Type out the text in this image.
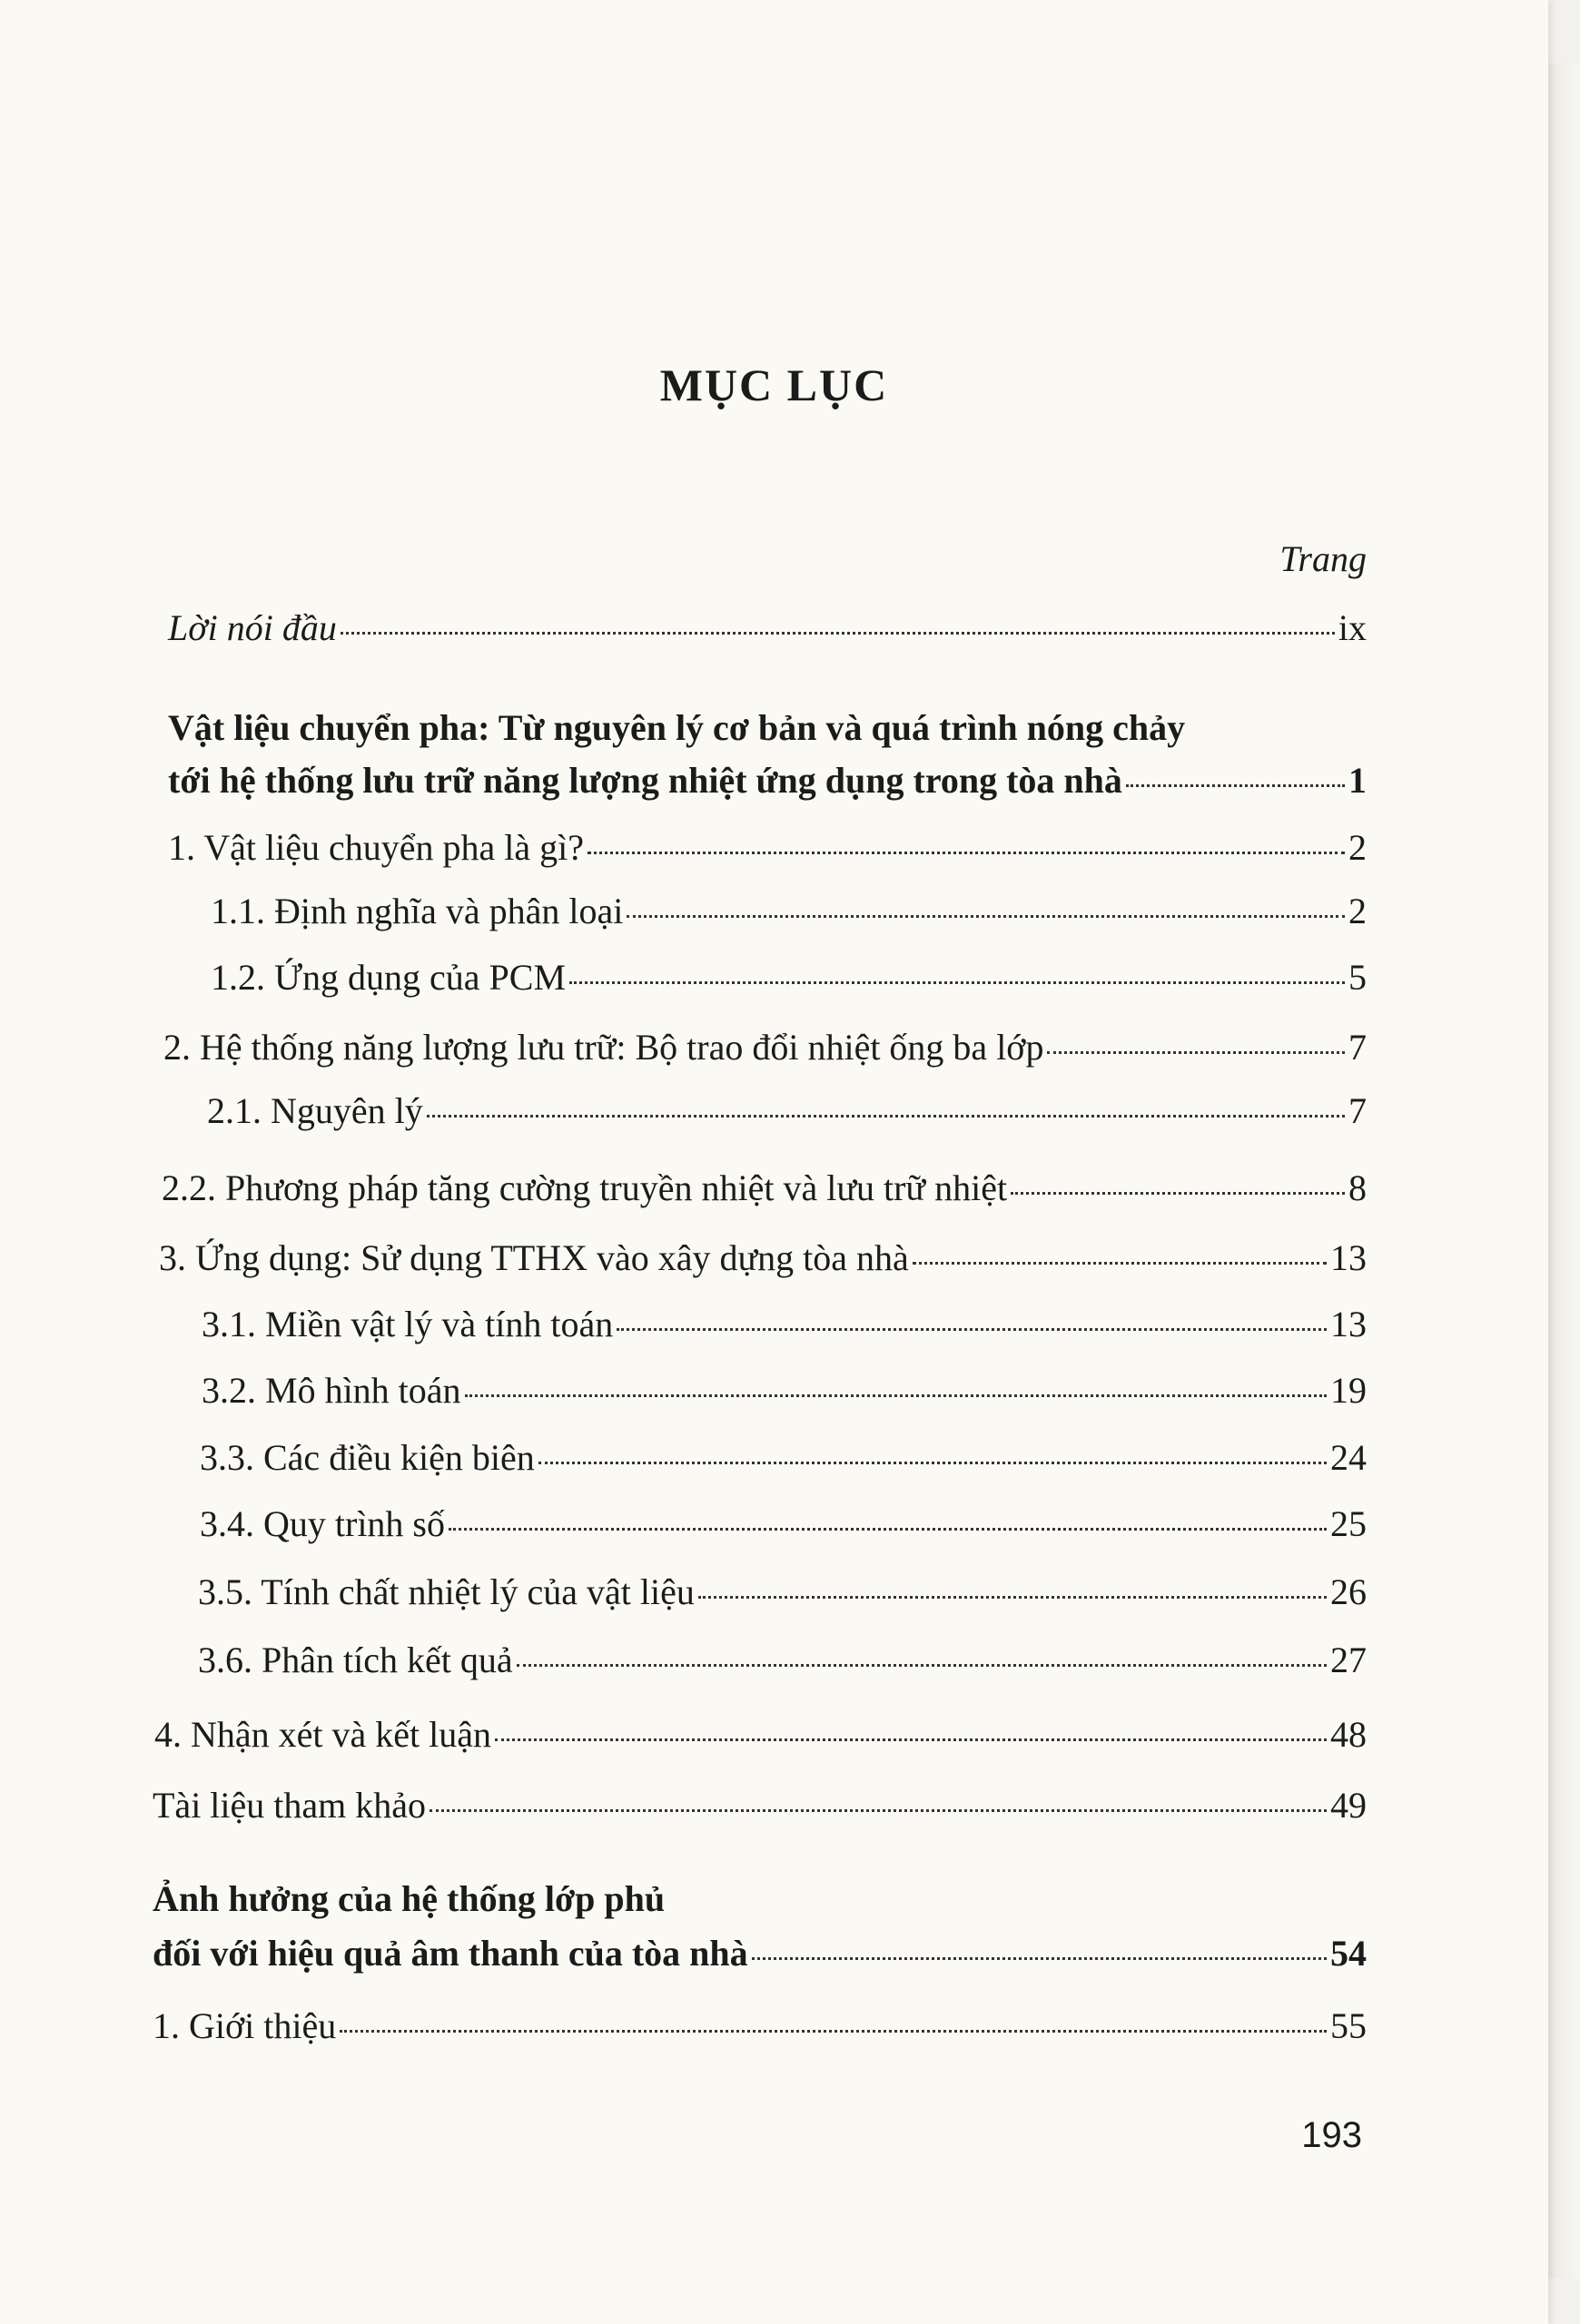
MỤC LỤC
Trang
Lời nói đầu	ix
Vật liệu chuyển pha: Từ nguyên lý cơ bản và quá trình nóng chảy
tới hệ thống lưu trữ năng lượng nhiệt ứng dụng trong tòa nhà	1
1. Vật liệu chuyển pha là gì?	2
1.1. Định nghĩa và phân loại	2
1.2. Ứng dụng của PCM	5
2. Hệ thống năng lượng lưu trữ: Bộ trao đổi nhiệt ống ba lớp	7
2.1. Nguyên lý	7
2.2. Phương pháp tăng cường truyền nhiệt và lưu trữ nhiệt	8
3. Ứng dụng: Sử dụng TTHX vào xây dựng tòa nhà	13
3.1. Miền vật lý và tính toán	13
3.2. Mô hình toán	19
3.3. Các điều kiện biên	24
3.4. Quy trình số	25
3.5. Tính chất nhiệt lý của vật liệu	26
3.6. Phân tích kết quả	27
4. Nhận xét và kết luận	48
Tài liệu tham khảo	49
Ảnh hưởng của hệ thống lớp phủ
đối với hiệu quả âm thanh của tòa nhà	54
1. Giới thiệu	55
193
